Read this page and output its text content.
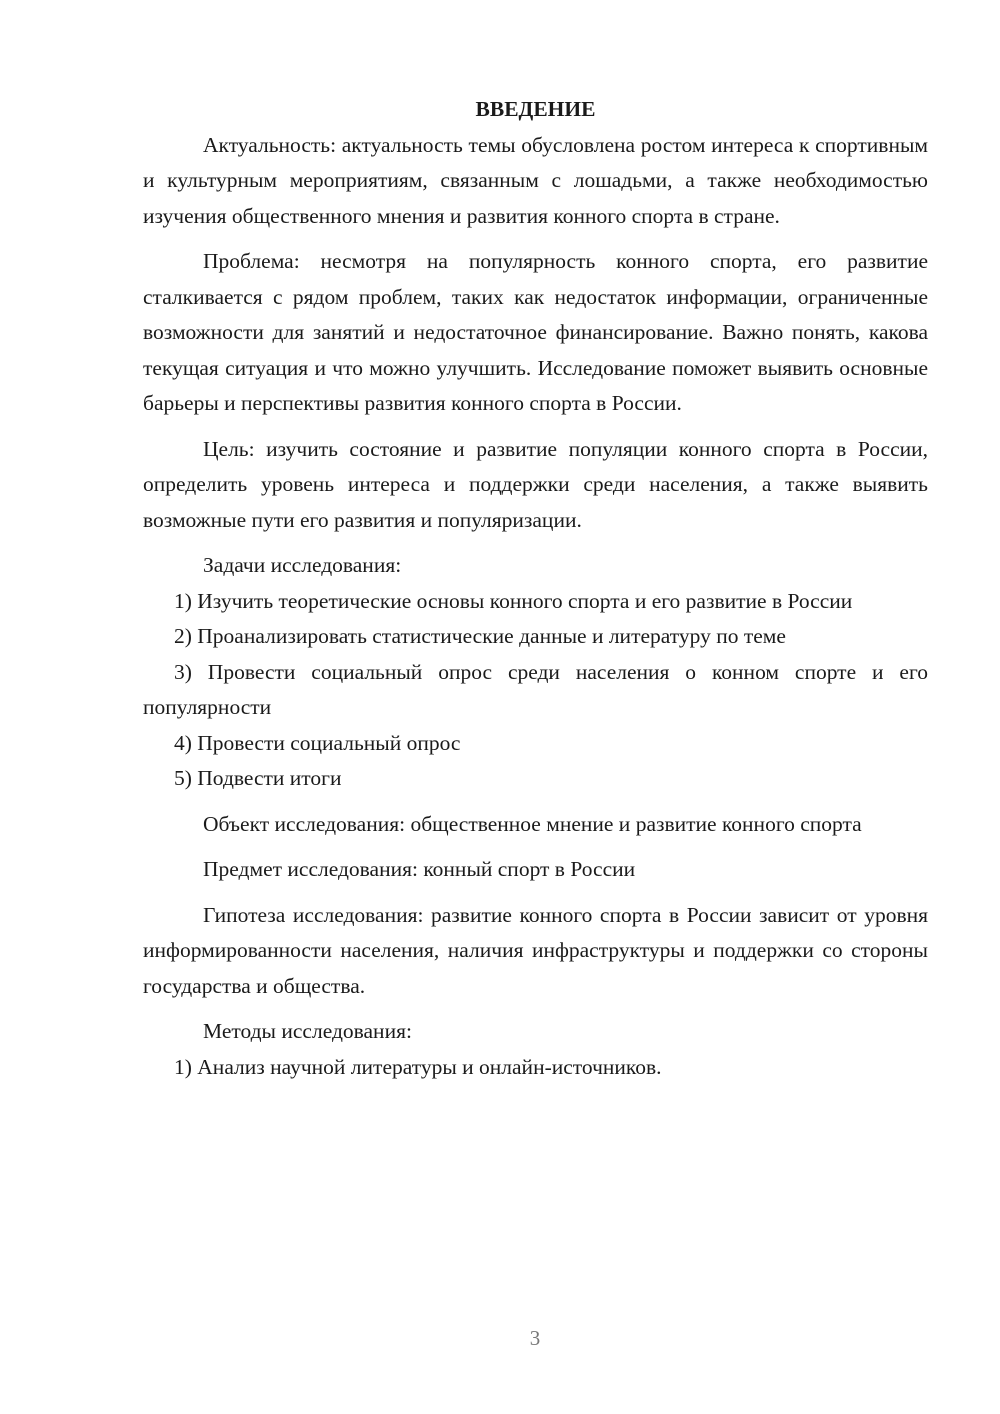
ВВЕДЕНИЕ

Актуальность: актуальность темы обусловлена ростом интереса к спортивным и культурным мероприятиям, связанным с лошадьми, а также необходимостью изучения общественного мнения и развития конного спорта в стране.

Проблема: несмотря на популярность конного спорта, его развитие сталкивается с рядом проблем, таких как недостаток информации, ограниченные возможности для занятий и недостаточное финансирование. Важно понять, какова текущая ситуация и что можно улучшить. Исследование поможет выявить основные барьеры и перспективы развития конного спорта в России.

Цель: изучить состояние и развитие популяции конного спорта в России, определить уровень интереса и поддержки среди населения, а также выявить возможные пути его развития и популяризации.

Задачи исследования:

1) Изучить теоретические основы конного спорта и его развитие в России

2) Проанализировать статистические данные и литературу по теме

3) Провести социальный опрос среди населения о конном спорте и его популярности

4) Провести социальный опрос

5) Подвести итоги

Объект исследования: общественное мнение и развитие конного спорта

Предмет исследования: конный спорт в России

Гипотеза исследования: развитие конного спорта в России зависит от уровня информированности населения, наличия инфраструктуры и поддержки со стороны государства и общества.

Методы исследования:

1) Анализ научной литературы и онлайн-источников.

3
